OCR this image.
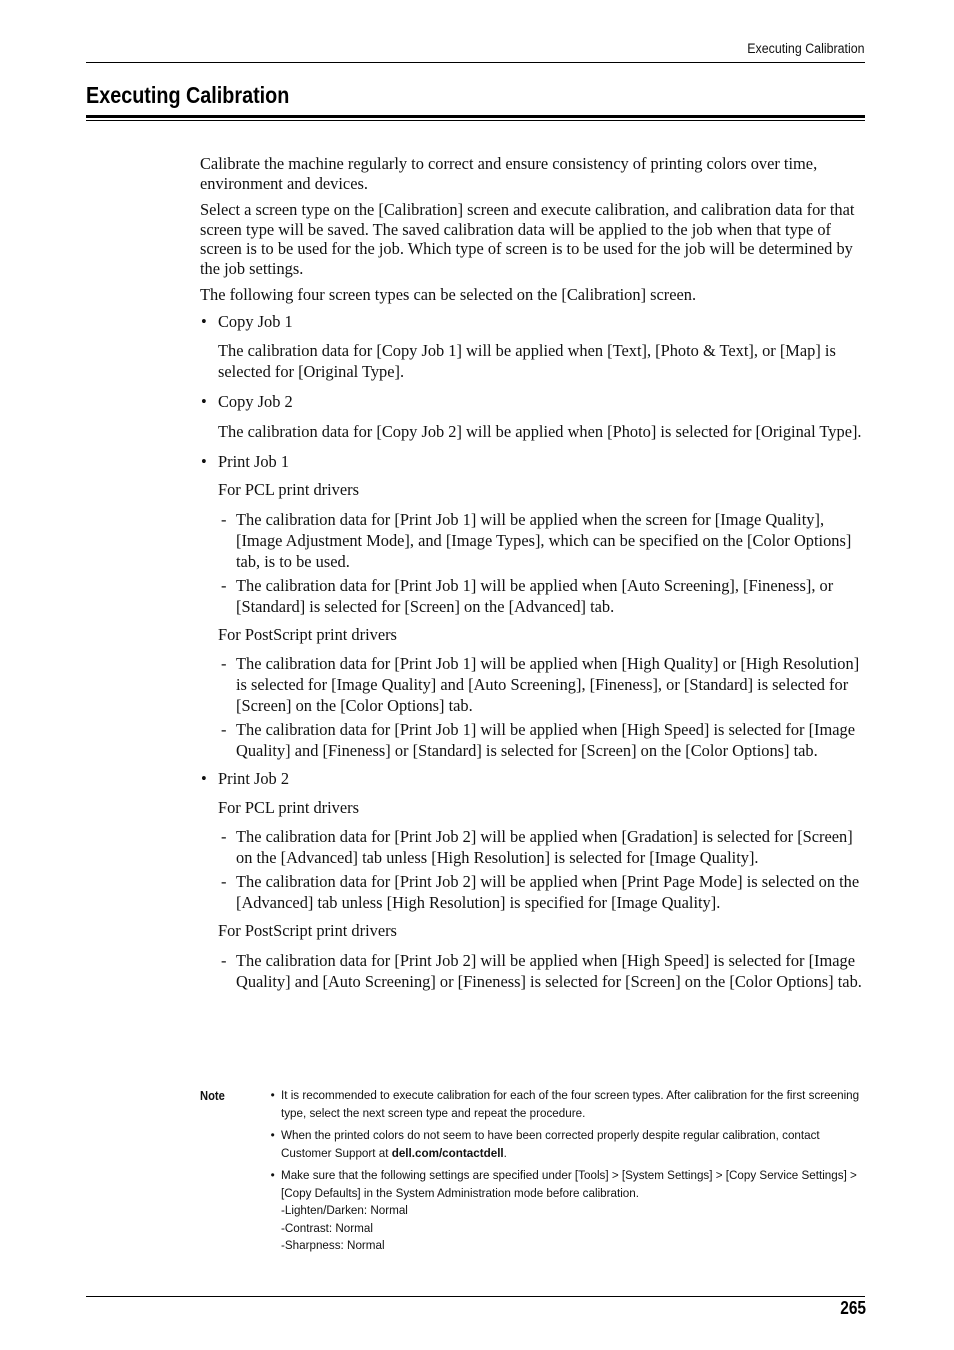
Executing Calibration
Executing Calibration

Calibrate the machine regularly to correct and ensure consistency of printing colors over time, environment and devices.

Select a screen type on the [Calibration] screen and execute calibration, and calibration data for that screen type will be saved. The saved calibration data will be applied to the job when that type of screen is to be used for the job. Which type of screen is to be used for the job will be determined by the job settings.

The following four screen types can be selected on the [Calibration] screen.

• Copy Job 1

The calibration data for [Copy Job 1] will be applied when [Text], [Photo & Text], or [Map] is selected for [Original Type].

• Copy Job 2

The calibration data for [Copy Job 2] will be applied when [Photo] is selected for [Original Type].

• Print Job 1

For PCL print drivers

- The calibration data for [Print Job 1] will be applied when the screen for [Image Quality], [Image Adjustment Mode], and [Image Types], which can be specified on the [Color Options] tab, is to be used.
- The calibration data for [Print Job 1] will be applied when [Auto Screening], [Fineness], or [Standard] is selected for [Screen] on the [Advanced] tab.

For PostScript print drivers

- The calibration data for [Print Job 1] will be applied when [High Quality] or [High Resolution] is selected for [Image Quality] and [Auto Screening], [Fineness], or [Standard] is selected for [Screen] on the [Color Options] tab.
- The calibration data for [Print Job 1] will be applied when [High Speed] is selected for [Image Quality] and [Fineness] or [Standard] is selected for [Screen] on the [Color Options] tab.
• Print Job 2

For PCL print drivers

- The calibration data for [Print Job 2] will be applied when [Gradation] is selected for [Screen] on the [Advanced] tab unless [High Resolution] is selected for [Image Quality].
- The calibration data for [Print Job 2] will be applied when [Print Page Mode] is selected on the [Advanced] tab unless [High Resolution] is specified for [Image Quality].

For PostScript print drivers

- The calibration data for [Print Job 2] will be applied when [High Speed] is selected for [Image Quality] and [Auto Screening] or [Fineness] is selected for [Screen] on the [Color Options] tab.
Note	• It is recommended to execute calibration for each of the four screen types. After calibration for the first screening type, select the next screen type and repeat the procedure.
• When the printed colors do not seem to have been corrected properly despite regular calibration, contact Customer Support at dell.com/contactdell.
• Make sure that the following settings are specified under [Tools] > [System Settings] > [Copy Service Settings] > [Copy Defaults] in the System Administration mode before calibration.
-Lighten/Darken: Normal
-Contrast: Normal
-Sharpness: Normal
265
